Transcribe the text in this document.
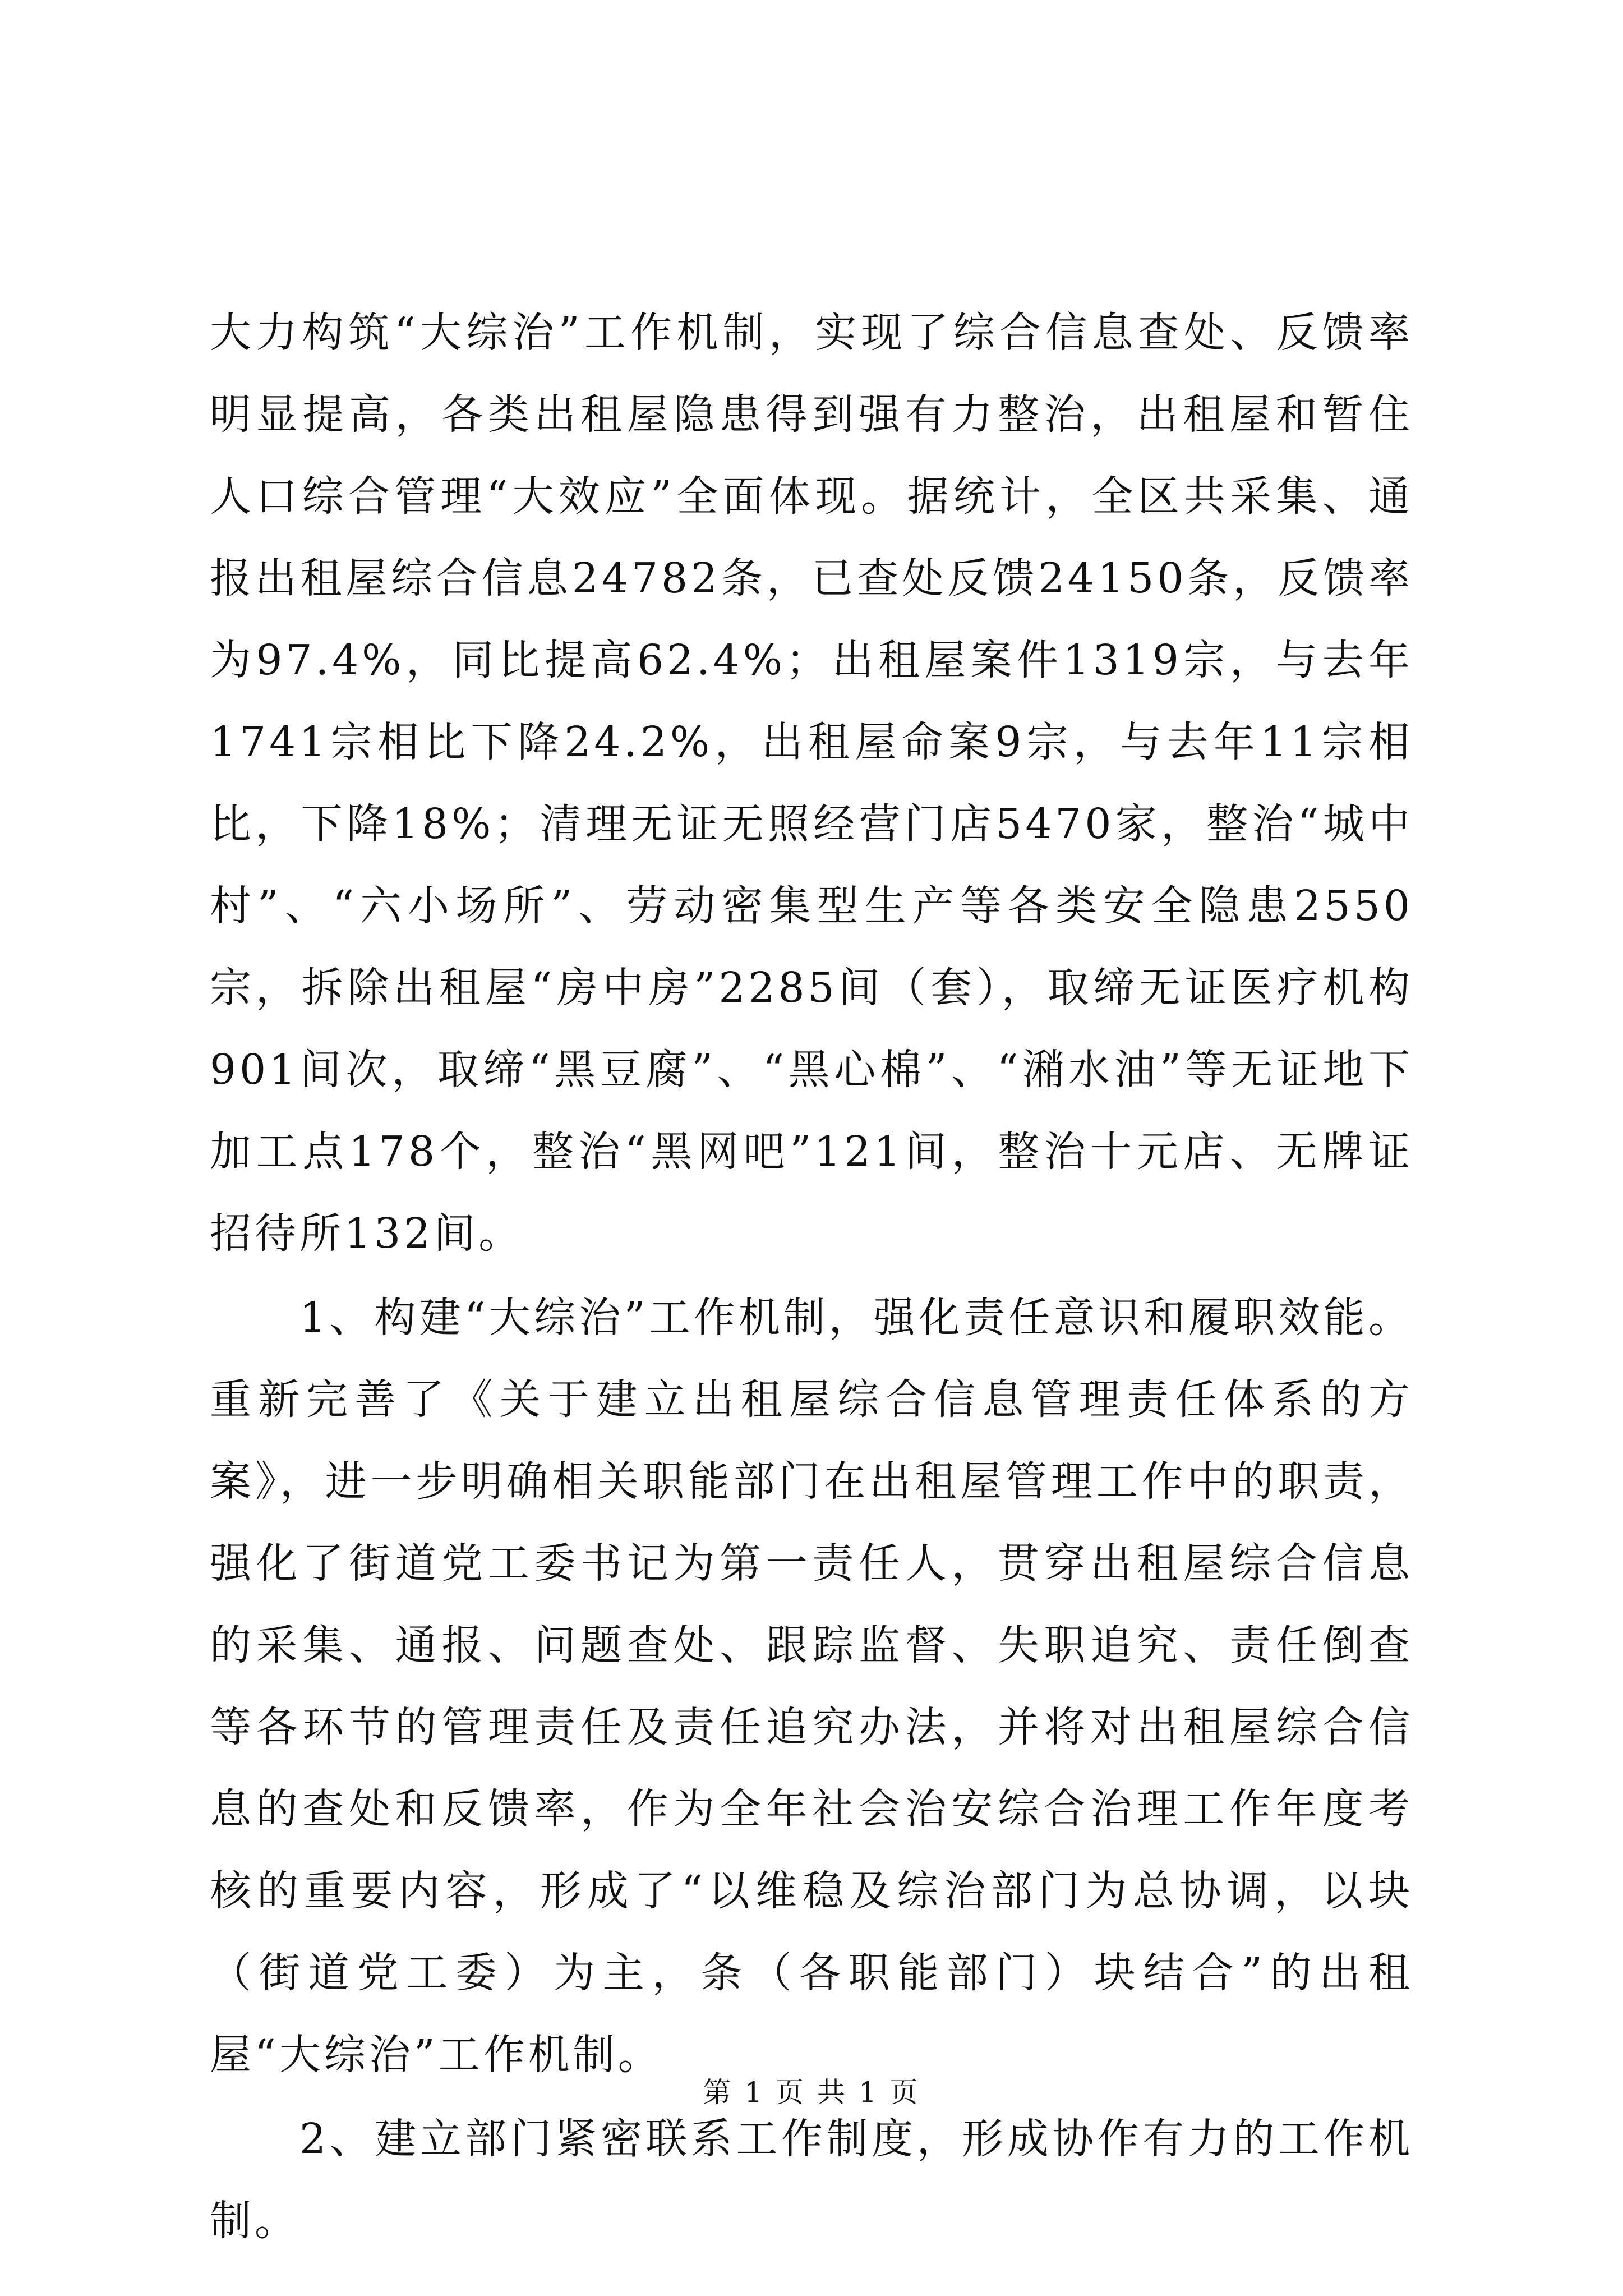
大力构筑“大综治”工作机制，实现了综合信息查处、反馈率明显提高，各类出租屋隐患得到强有力整治，出租屋和暂住人口综合管理“大效应”全面体现。据统计，全区共采集、通报出租屋综合信息24782条，已查处反馈24150条，反馈率为97.4%，同比提高62.4%；出租屋案件1319宗，与去年1741宗相比下降24.2%，出租屋命案9宗，与去年11宗相比，下降18%；清理无证无照经营门店5470家，整治“城中村”、“六小场所”、劳动密集型生产等各类安全隐患2550宗，拆除出租屋“房中房”2285间（套），取缔无证医疗机构901间次，取缔“黑豆腐”、“黑心棉”、“潲水油”等无证地下加工点178个，整治“黑网吧”121间，整治十元店、无牌证招待所132间。

1、构建“大综治”工作机制，强化责任意识和履职效能。重新完善了《关于建立出租屋综合信息管理责任体系的方案》，进一步明确相关职能部门在出租屋管理工作中的职责，强化了街道党工委书记为第一责任人，贯穿出租屋综合信息的采集、通报、问题查处、跟踪监督、失职追究、责任倒查等各环节的管理责任及责任追究办法，并将对出租屋综合信息的查处和反馈率，作为全年社会治安综合治理工作年度考核的重要内容，形成了“以维稳及综治部门为总协调，以块（街道党工委）为主，条（各职能部门）块结合”的出租屋“大综治”工作机制。

2、建立部门紧密联系工作制度，形成协作有力的工作机制。

第 1 页 共 1 页
